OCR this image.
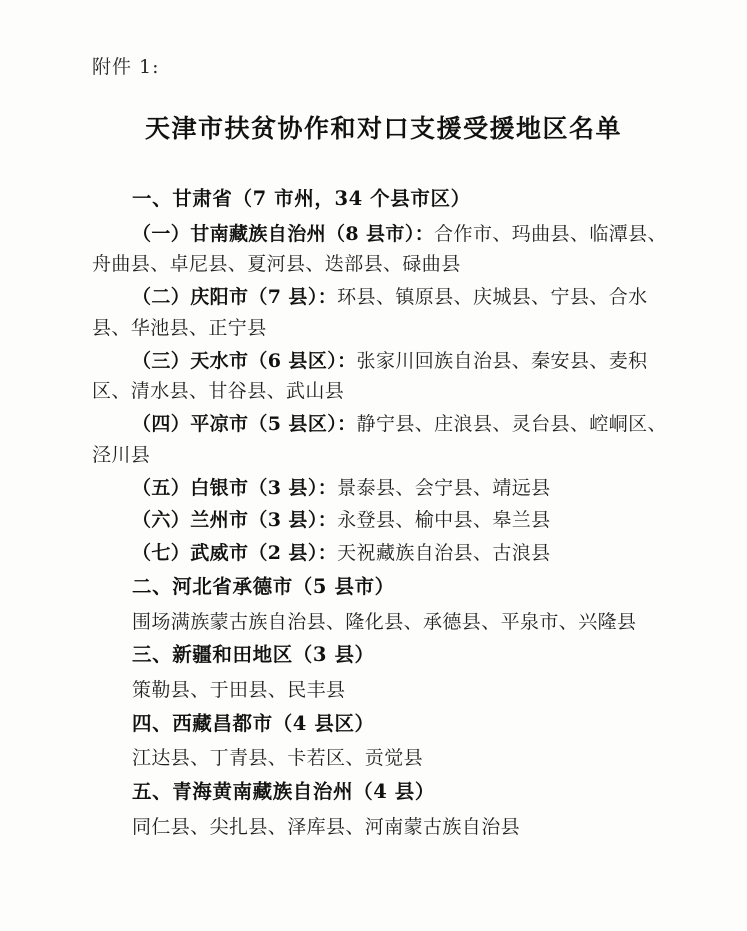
附件 1:
天津市扶贫协作和对口支援受援地区名单
一、甘肃省（7 市州，34 个县市区）

（一）甘南藏族自治州（8 县市）：合作市、玛曲县、临潭县、舟曲县、卓尼县、夏河县、迭部县、碌曲县

（二）庆阳市（7 县）：环县、镇原县、庆城县、宁县、合水县、华池县、正宁县

（三）天水市（6 县区）：张家川回族自治县、秦安县、麦积区、清水县、甘谷县、武山县

（四）平凉市（5 县区）：静宁县、庄浪县、灵台县、崆峒区、泾川县

（五）白银市（3 县）：景泰县、会宁县、靖远县

（六）兰州市（3 县）：永登县、榆中县、皋兰县

（七）武威市（2 县）：天祝藏族自治县、古浪县

二、河北省承德市（5 县市）

围场满族蒙古族自治县、隆化县、承德县、平泉市、兴隆县

三、新疆和田地区（3 县）

策勒县、于田县、民丰县

四、西藏昌都市（4 县区）

江达县、丁青县、卡若区、贡觉县

五、青海黄南藏族自治州（4 县）

同仁县、尖扎县、泽库县、河南蒙古族自治县
